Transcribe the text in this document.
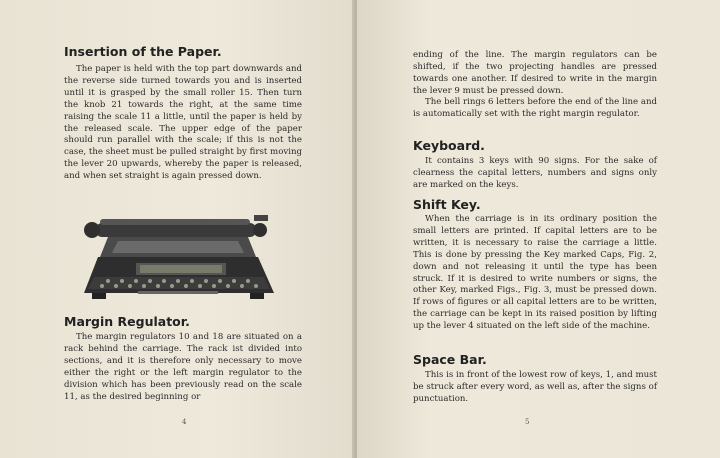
Insertion of the Paper.

The paper is held with the top part downwards and the reverse side turned towards you and is inserted until it is grasped by the small roller 15. Then turn the knob 21 towards the right, at the same time raising the scale 11 a little, until the paper is held by the released scale. The upper edge of the paper should run parallel with the scale; if this is not the case, the sheet must be pulled straight by first moving the lever 20 upwards, whereby the paper is released, and when set straight is again pressed down.

Margin Regulator.

The margin regulators 10 and 18 are situated on a rack behind the carriage. The rack ist divided into sections, and it is therefore only necessary to move either the right or the left margin regulator to the division which has been previously read on the scale 11, as the desired beginning or

4

ending of the line. The margin regulators can be shifted, if the two projecting handles are pressed towards one another. If desired to write in the margin the lever 9 must be pressed down.

The bell rings 6 letters before the end of the line and is automatically set with the right margin regulator.

Keyboard.

It contains 3 keys with 90 signs. For the sake of clearness the capital letters, numbers and signs only are marked on the keys.

Shift Key.

When the carriage is in its ordinary position the small letters are printed. If capital letters are to be written, it is necessary to raise the carriage a little. This is done by pressing the Key marked Caps, Fig. 2, down and not releasing it until the type has been struck. If it is desired to write numbers or signs, the other Key, marked Figs., Fig. 3, must be pressed down. If rows of figures or all capital letters are to be written, the carriage can be kept in its raised position by lifting up the lever 4 situated on the left side of the machine.

Space Bar.

This is in front of the lowest row of keys, 1, and must be struck after every word, as well as, after the signs of punctuation.

5
